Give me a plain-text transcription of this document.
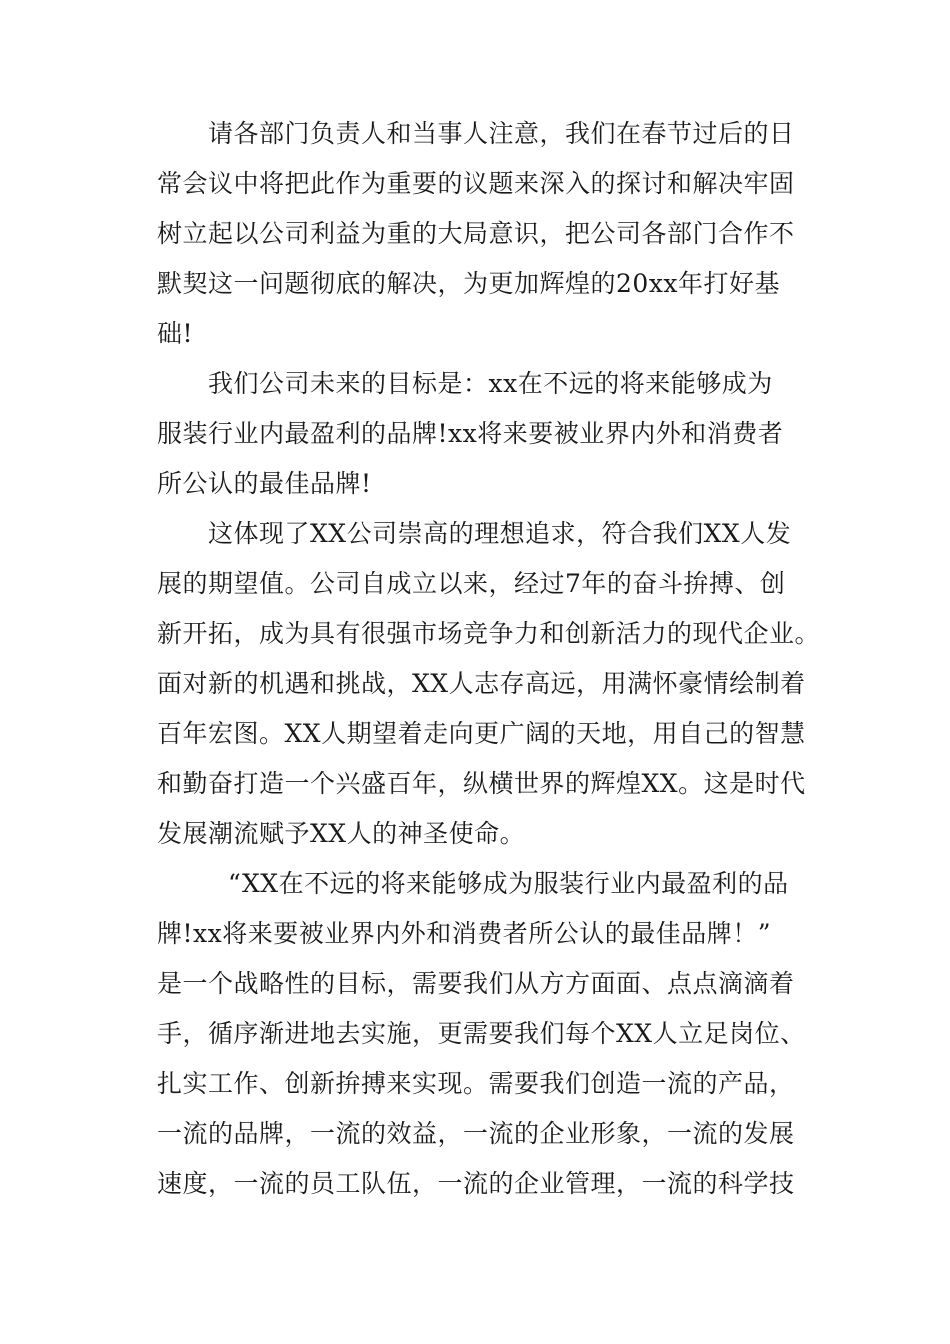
请各部门负责人和当事人注意，我们在春节过后的日
常会议中将把此作为重要的议题来深入的探讨和解决牢固
树立起以公司利益为重的大局意识，把公司各部门合作不
默契这一问题彻底的解决，为更加辉煌的20xx年打好基
础!
我们公司未来的目标是：xx在不远的将来能够成为
服装行业内最盈利的品牌!xx将来要被业界内外和消费者
所公认的最佳品牌!
这体现了XX公司崇高的理想追求，符合我们XX人发
展的期望值。公司自成立以来，经过7年的奋斗拚搏、创
新开拓，成为具有很强市场竞争力和创新活力的现代企业。
面对新的机遇和挑战，XX人志存高远，用满怀豪情绘制着
百年宏图。XX人期望着走向更广阔的天地，用自己的智慧
和勤奋打造一个兴盛百年，纵横世界的辉煌XX。这是时代
发展潮流赋予XX人的神圣使命。
“XX在不远的将来能够成为服装行业内最盈利的品
牌!xx将来要被业界内外和消费者所公认的最佳品牌！”
是一个战略性的目标，需要我们从方方面面、点点滴滴着
手，循序渐进地去实施，更需要我们每个XX人立足岗位、
扎实工作、创新拚搏来实现。需要我们创造一流的产品，
一流的品牌，一流的效益，一流的企业形象，一流的发展
速度，一流的员工队伍，一流的企业管理，一流的科学技
